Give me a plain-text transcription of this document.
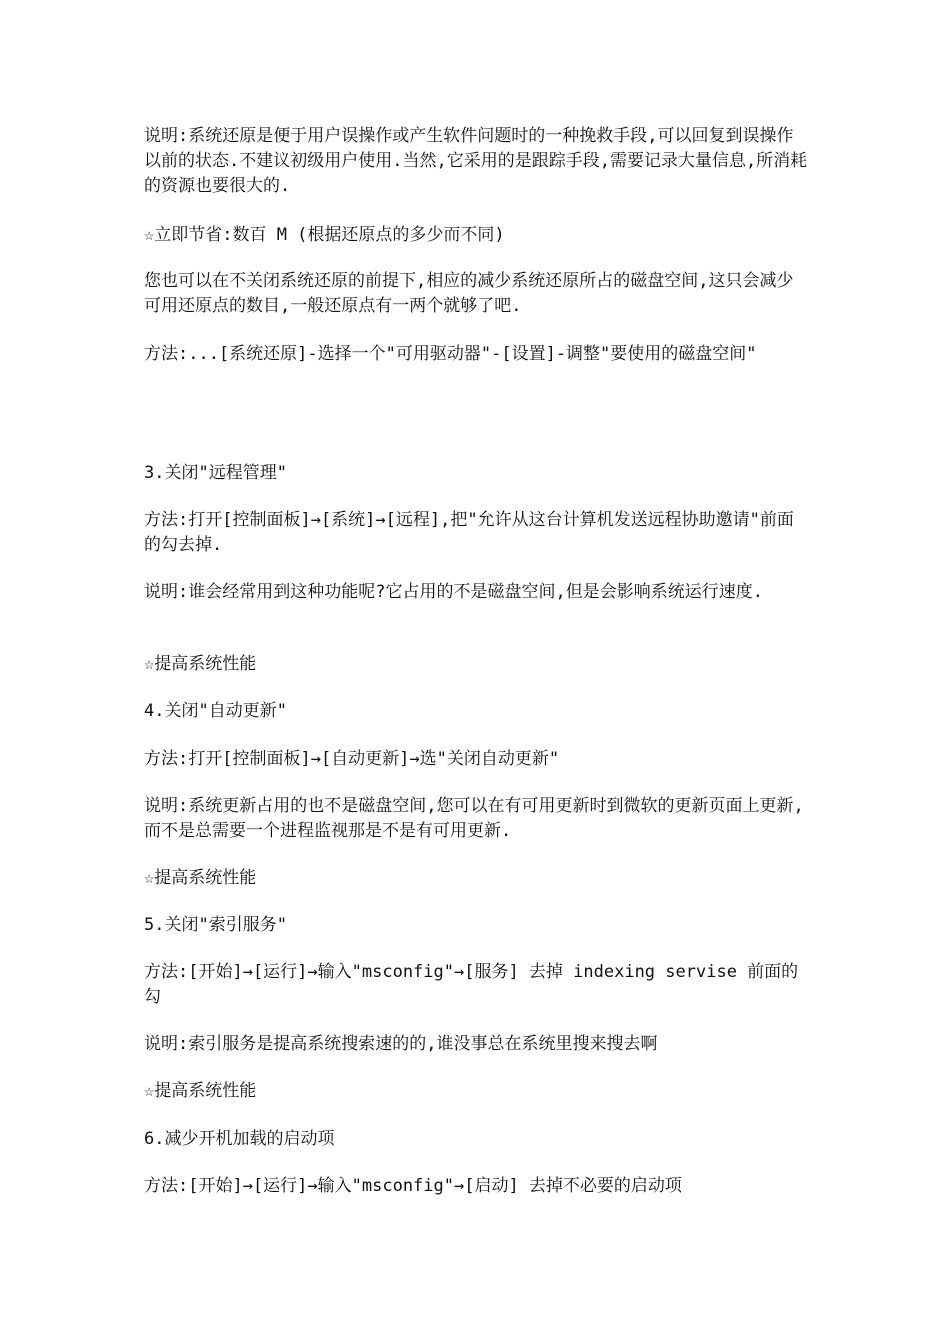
说明:系统还原是便于用户误操作或产生软件问题时的一种挽救手段,可以回复到误操作以前的状态.不建议初级用户使用.当然,它采用的是跟踪手段,需要记录大量信息,所消耗的资源也要很大的.

☆立即节省:数百 M (根据还原点的多少而不同)

您也可以在不关闭系统还原的前提下,相应的减少系统还原所占的磁盘空间,这只会减少可用还原点的数目,一般还原点有一两个就够了吧.

方法:...[系统还原]-选择一个"可用驱动器"-[设置]-调整"要使用的磁盘空间"

3.关闭"远程管理"

方法:打开[控制面板]→[系统]→[远程],把"允许从这台计算机发送远程协助邀请"前面的勾去掉.

说明:谁会经常用到这种功能呢?它占用的不是磁盘空间,但是会影响系统运行速度.

☆提高系统性能

4.关闭"自动更新"

方法:打开[控制面板]→[自动更新]→选"关闭自动更新"

说明:系统更新占用的也不是磁盘空间,您可以在有可用更新时到微软的更新页面上更新,而不是总需要一个进程监视那是不是有可用更新.

☆提高系统性能

5.关闭"索引服务"

方法:[开始]→[运行]→输入"msconfig"→[服务] 去掉 indexing servise 前面的勾

说明:索引服务是提高系统搜索速的的,谁没事总在系统里搜来搜去啊

☆提高系统性能

6.减少开机加载的启动项

方法:[开始]→[运行]→输入"msconfig"→[启动] 去掉不必要的启动项
